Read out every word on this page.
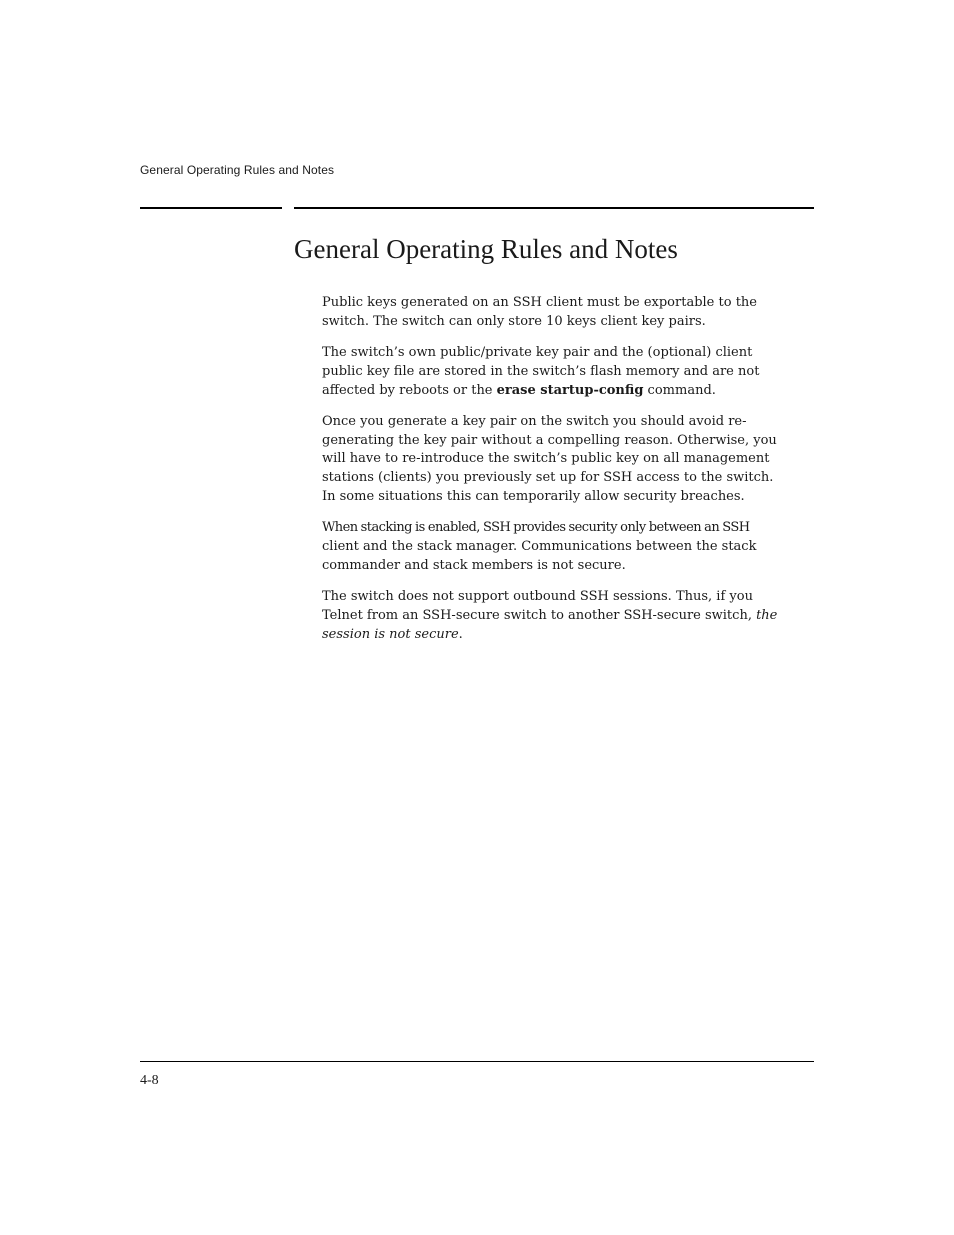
General Operating Rules and Notes
General Operating Rules and Notes

Public keys generated on an SSH client must be exportable to the
switch. The switch can only store 10 keys client key pairs.

The switch’s own public/private key pair and the (optional) client
public key file are stored in the switch’s flash memory and are not
affected by reboots or the erase startup-config command.

Once you generate a key pair on the switch you should avoid re-
generating the key pair without a compelling reason. Otherwise, you
will have to re-introduce the switch’s public key on all management
stations (clients) you previously set up for SSH access to the switch.
In some situations this can temporarily allow security breaches.

When stacking is enabled, SSH provides security only between an SSH
client and the stack manager. Communications between the stack
commander and stack members is not secure.

The switch does not support outbound SSH sessions. Thus, if you
Telnet from an SSH-secure switch to another SSH-secure switch, the
session is not secure.

4-8
